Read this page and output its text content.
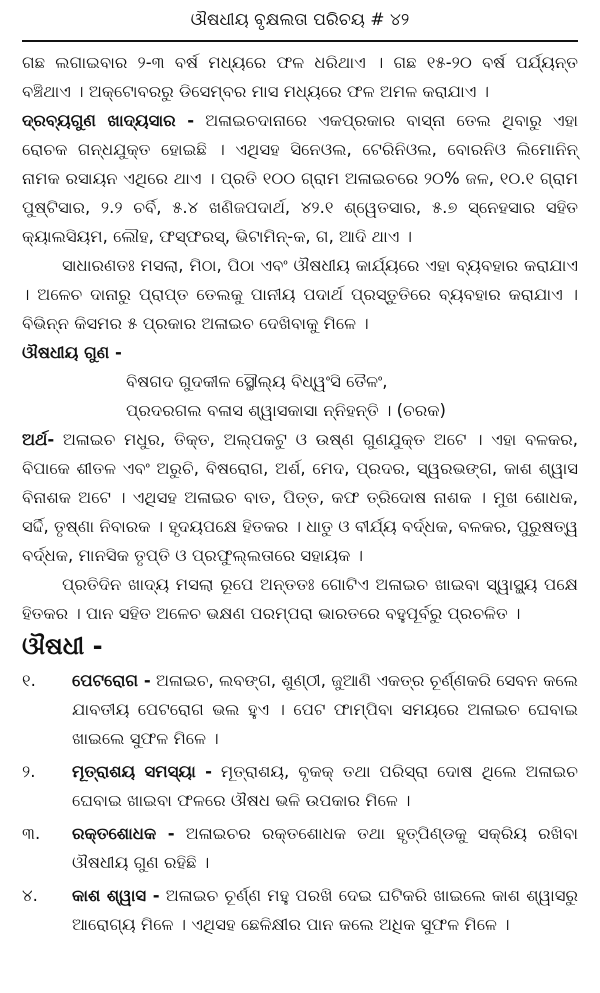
ଔଷଧୀୟ ବୃକ୍ଷଲତା ପରିଚୟ # ୪୨

ଗଛ ଲଗାଇବାର ୨-୩ ବର୍ଷ ମଧ୍ୟରେ ଫଳ ଧରିଥାଏ । ଗଛ ୧୫-୨୦ ବର୍ଷ ପର୍ଯ୍ୟନ୍ତ ବଞ୍ଚିଥାଏ । ଅକ୍ଟୋବରରୁ ଡିସେମ୍ବର ମାସ ମଧ୍ୟରେ ଫଳ ଅମଳ କରାଯାଏ ।

ଦ୍ରବ୍ୟଗୁଣ ଖାଦ୍ୟସାର - ଅଳାଇଚଦାନାରେ ଏକପ୍ରକାର ବାସ୍ନା ତେଲ ଥିବାରୁ ଏହା ରୋଚକ ଗନ୍ଧଯୁକ୍ତ ହୋଇଛି । ଏଥିସହ ସିନେଓଲ, ଟେରିନିଓଲ, ବୋରନିଓ ଲିମୋନିନ୍ ନାମକ ରସାୟନ ଏଥିରେ ଥାଏ । ପ୍ରତି ୧୦୦ ଗ୍ରାମ ଅଳାଇଚରେ ୨୦% ଜଳ, ୧୦.୧ ଗ୍ରାମ ପୁଷ୍ଟିସାର, ୨.୨ ଚର୍ବି, ୫.୪ ଖଣିଜପଦାର୍ଥ, ୪୨.୧ ଶ୍ୱେତସାର, ୫.୭ ସ୍ନେହସାର ସହିତ କ୍ୟାଲସିୟମ, ଲୌହ, ଫସ୍‌ଫରସ୍, ଭିଟାମିନ୍-କ, ଗ, ଆଦି ଥାଏ ।

ସାଧାରଣତଃ ମସଲା, ମିଠା, ପିଠା ଏବଂ ଔଷଧୀୟ କାର୍ଯ୍ୟରେ ଏହା ବ୍ୟବହାର କରାଯାଏ । ଅଳେଚ ଦାନାରୁ ପ୍ରାପ୍ତ ତେଲକୁ ପାନୀୟ ପଦାର୍ଥ ପ୍ରସ୍ତୁତିରେ ବ୍ୟବହାର କରାଯାଏ । ବିଭିନ୍ନ କିସମର ୫ ପ୍ରକାର ଅଳାଇଚ ଦେଖିବାକୁ ମିଳେ ।

ଔଷଧୀୟ ଗୁଣ -

ବିଷଗଦ ଗୁଦକୀଳ ସ୍ଥୌଲ୍ୟ ବିଧ୍ୱଂସି ତୈଳଂ,
ପ୍ରଦରଗଲ ବଳାସ ଶ୍ୱାସକାସା ନ୍ନିହନ୍ତି । (ଚରକ)

ଅର୍ଥ- ଅଳାଇଚ ମଧୁର, ତିକ୍ତ, ଅଲ୍ପକଟୁ ଓ ଉଷ୍ଣ ଗୁଣଯୁକ୍ତ ଅଟେ । ଏହା ବଳକର, ବିପାକେ ଶୀତଳ ଏବଂ ଅରୁଚି, ବିଷରୋଗ, ଅର୍ଶ, ମେଦ, ପ୍ରଦର, ସ୍ୱରଭଙ୍ଗ, କାଶ ଶ୍ୱାସ ବିନାଶକ ଅଟେ । ଏଥିସହ ଅଳାଇଚ ବାତ, ପିତ୍ତ, କଫ ତ୍ରିଦୋଷ ନାଶକ । ମୁଖ ଶୋଧକ, ସର୍ଦ୍ଦି, ତୃଷ୍ଣା ନିବାରକ । ହୃଦୟପକ୍ଷେ ହିତକର । ଧାତୁ ଓ ବୀର୍ଯ୍ୟ ବର୍ଦ୍ଧକ, ବଳକର, ପୁରୁଷତ୍ୱ ବର୍ଦ୍ଧକ, ମାନସିକ ତୃପ୍ତି ଓ ପ୍ରଫୁଲ୍ଲତାରେ ସହାୟକ ।

ପ୍ରତିଦିନ ଖାଦ୍ୟ ମସଲା ରୂପେ ଅନ୍ତତଃ ଗୋଟିଏ ଅଳାଇଚ ଖାଇବା ସ୍ୱାସ୍ଥ୍ୟ ପକ୍ଷେ ହିତକର । ପାନ ସହିତ ଅଳେଚ ଭକ୍ଷଣ ପରମ୍ପରା ଭାରତରେ ବହୁପୂର୍ବରୁ ପ୍ରଚଳିତ ।

ଔଷଧୀ -
୧.	ପେଟରୋଗ - ଅଳାଇଚ, ଲବଙ୍ଗ, ଶୁଣ୍ଠୀ, ଜୁଆଣି ଏକତ୍ର ଚୂର୍ଣ୍ଣକରି ସେବନ କଲେ ଯାବତୀୟ ପେଟରୋଗ ଭଲ ହୁଏ । ପେଟ ଫାମ୍ପିବା ସମୟରେ ଅଳାଇଚ ଘେବାଇ ଖାଇଲେ ସୁଫଳ ମିଳେ ।
୨.	ମୂତ୍ରାଶୟ ସମସ୍ୟା - ମୂତ୍ରାଶୟ, ବୃକକ୍ ତଥା ପରିସ୍ରା ଦୋଷ ଥିଲେ ଅଳାଇଚ ଘେବାଇ ଖାଇବା ଫଳରେ ଔଷଧ ଭଳି ଉପକାର ମିଳେ ।
୩.	ରକ୍ତଶୋଧକ - ଅଳାଇଚର ରକ୍ତଶୋଧକ ତଥା ହୃତ୍‌ପିଣ୍ଡକୁ ସକ୍ରିୟ ରଖିବା ଔଷଧୀୟ ଗୁଣ ରହିଛି ।
୪.	କାଶ ଶ୍ୱାସ - ଅଳାଇଚ ଚୂର୍ଣ୍ଣ ମହୁ ପରଖି ଦେଇ ଘଟିକରି ଖାଇଲେ କାଶ ଶ୍ୱାସରୁ ଆରୋଗ୍ୟ ମିଳେ । ଏଥିସହ ଛେଳିକ୍ଷୀର ପାନ କଲେ ଅଧିକ ସୁଫଳ ମିଳେ ।
